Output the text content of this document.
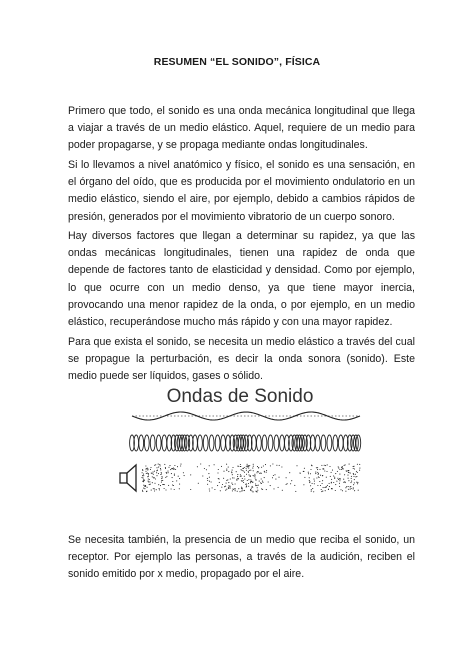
RESUMEN “EL SONIDO”, FÍSICA

Primero que todo, el sonido es una onda mecánica longitudinal que llega a viajar a través de un medio elástico. Aquel, requiere de un medio para poder propagarse, y se propaga mediante ondas longitudinales.

Si lo llevamos a nivel anatómico y físico, el sonido es una sensación, en el órgano del oído, que es producida por el movimiento ondulatorio en un medio elástico, siendo el aire, por ejemplo, debido a cambios rápidos de presión, generados por el movimiento vibratorio de un cuerpo sonoro.

Hay diversos factores que llegan a determinar su rapidez, ya que las ondas mecánicas longitudinales, tienen una rapidez de onda que depende de factores tanto de elasticidad y densidad. Como por ejemplo, lo que ocurre con un medio denso, ya que tiene mayor inercia, provocando una menor rapidez de la onda, o por ejemplo, en un medio elástico, recuperándose mucho más rápido y con una mayor rapidez.

Para que exista el sonido, se necesita un medio elástico a través del cual se propague la perturbación, es decir la onda sonora (sonido). Este medio puede ser líquidos, gases o sólido.

Ondas de Sonido

Se necesita también, la presencia de un medio que reciba el sonido, un receptor. Por ejemplo las personas, a través de la audición, reciben el sonido emitido por x medio, propagado por el aire.
